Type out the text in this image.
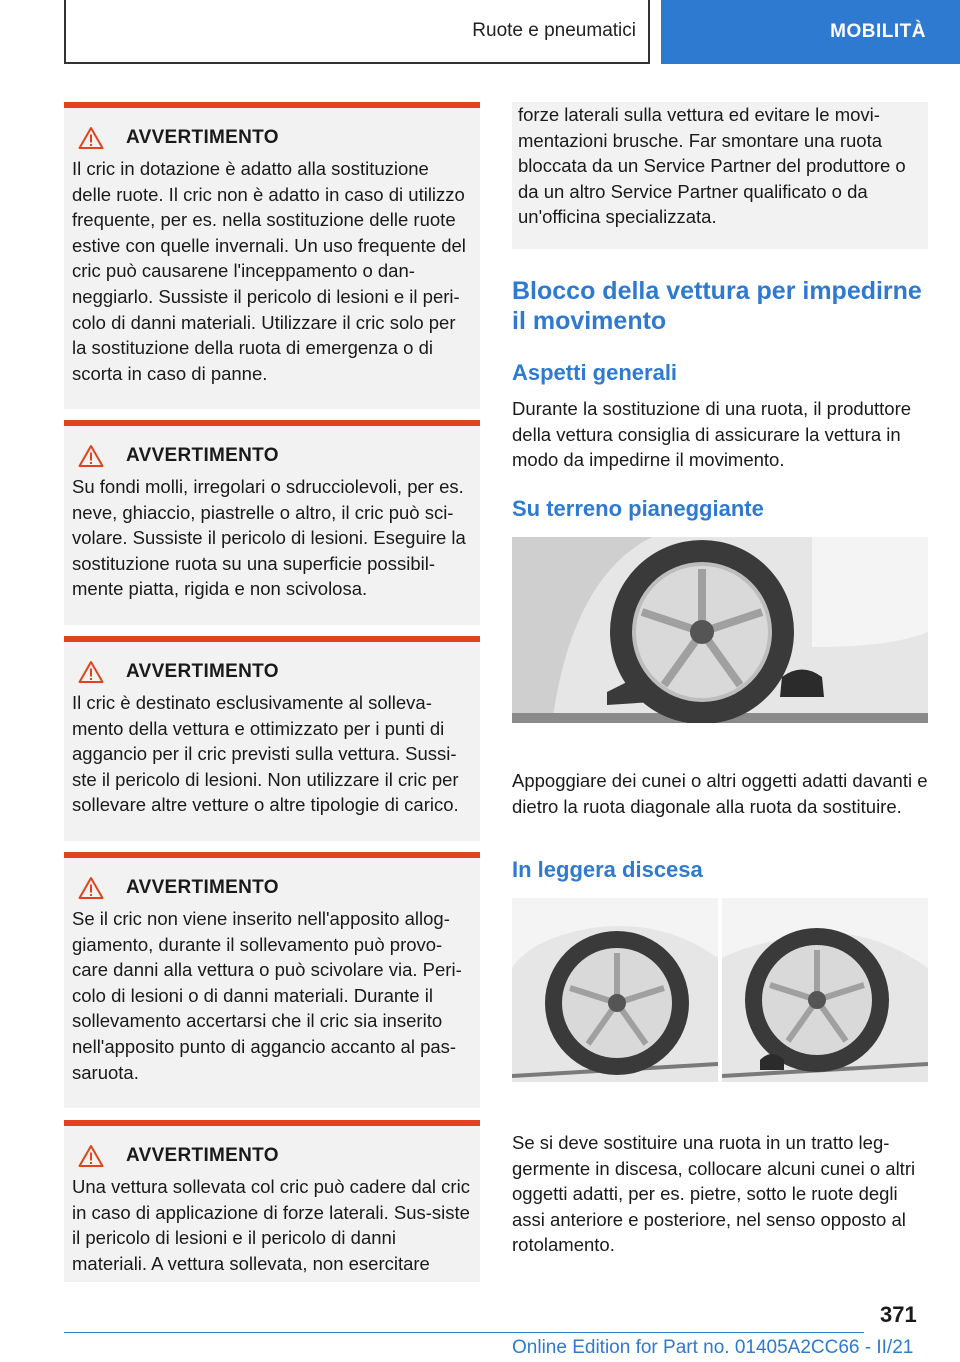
Ruote e pneumatici	MOBILITÀ
AVVERTIMENTO
Il cric in dotazione è adatto alla sostituzione delle ruote. Il cric non è adatto in caso di utilizzo frequente, per es. nella sostituzione delle ruote estive con quelle invernali. Un uso frequente del cric può causarene l'inceppamento o dan-neggiarlo. Sussiste il pericolo di lesioni e il peri-colo di danni materiali. Utilizzare il cric solo per la sostituzione della ruota di emergenza o di scorta in caso di panne.
AVVERTIMENTO
Su fondi molli, irregolari o sdrucciolevoli, per es. neve, ghiaccio, piastrelle o altro, il cric può sci-volare. Sussiste il pericolo di lesioni. Eseguire la sostituzione ruota su una superficie possibil-mente piatta, rigida e non scivolosa.
AVVERTIMENTO
Il cric è destinato esclusivamente al solleva-mento della vettura e ottimizzato per i punti di aggancio per il cric previsti sulla vettura. Sussi-ste il pericolo di lesioni. Non utilizzare il cric per sollevare altre vetture o altre tipologie di carico.
AVVERTIMENTO
Se il cric non viene inserito nell'apposito allog-giamento, durante il sollevamento può provo-care danni alla vettura o può scivolare via. Peri-colo di lesioni o di danni materiali. Durante il sollevamento accertarsi che il cric sia inserito nell'apposito punto di aggancio accanto al pas-saruota.
AVVERTIMENTO
Una vettura sollevata col cric può cadere dal cric in caso di applicazione di forze laterali. Sus-siste il pericolo di lesioni e il pericolo di danni materiali. A vettura sollevata, non esercitare
forze laterali sulla vettura ed evitare le movi-mentazioni brusche. Far smontare una ruota bloccata da un Service Partner del produttore o da un altro Service Partner qualificato o da un'officina specializzata.
Blocco della vettura per impedirne il movimento
Aspetti generali
Durante la sostituzione di una ruota, il produttore della vettura consiglia di assicurare la vettura in modo da impedirne il movimento.
Su terreno pianeggiante
Appoggiare dei cunei o altri oggetti adatti davanti e dietro la ruota diagonale alla ruota da sostituire.
In leggera discesa
Se si deve sostituire una ruota in un tratto leg-germente in discesa, collocare alcuni cunei o altri oggetti adatti, per es. pietre, sotto le ruote degli assi anteriore e posteriore, nel senso opposto al rotolamento.
371
Online Edition for Part no. 01405A2CC66 - II/21
